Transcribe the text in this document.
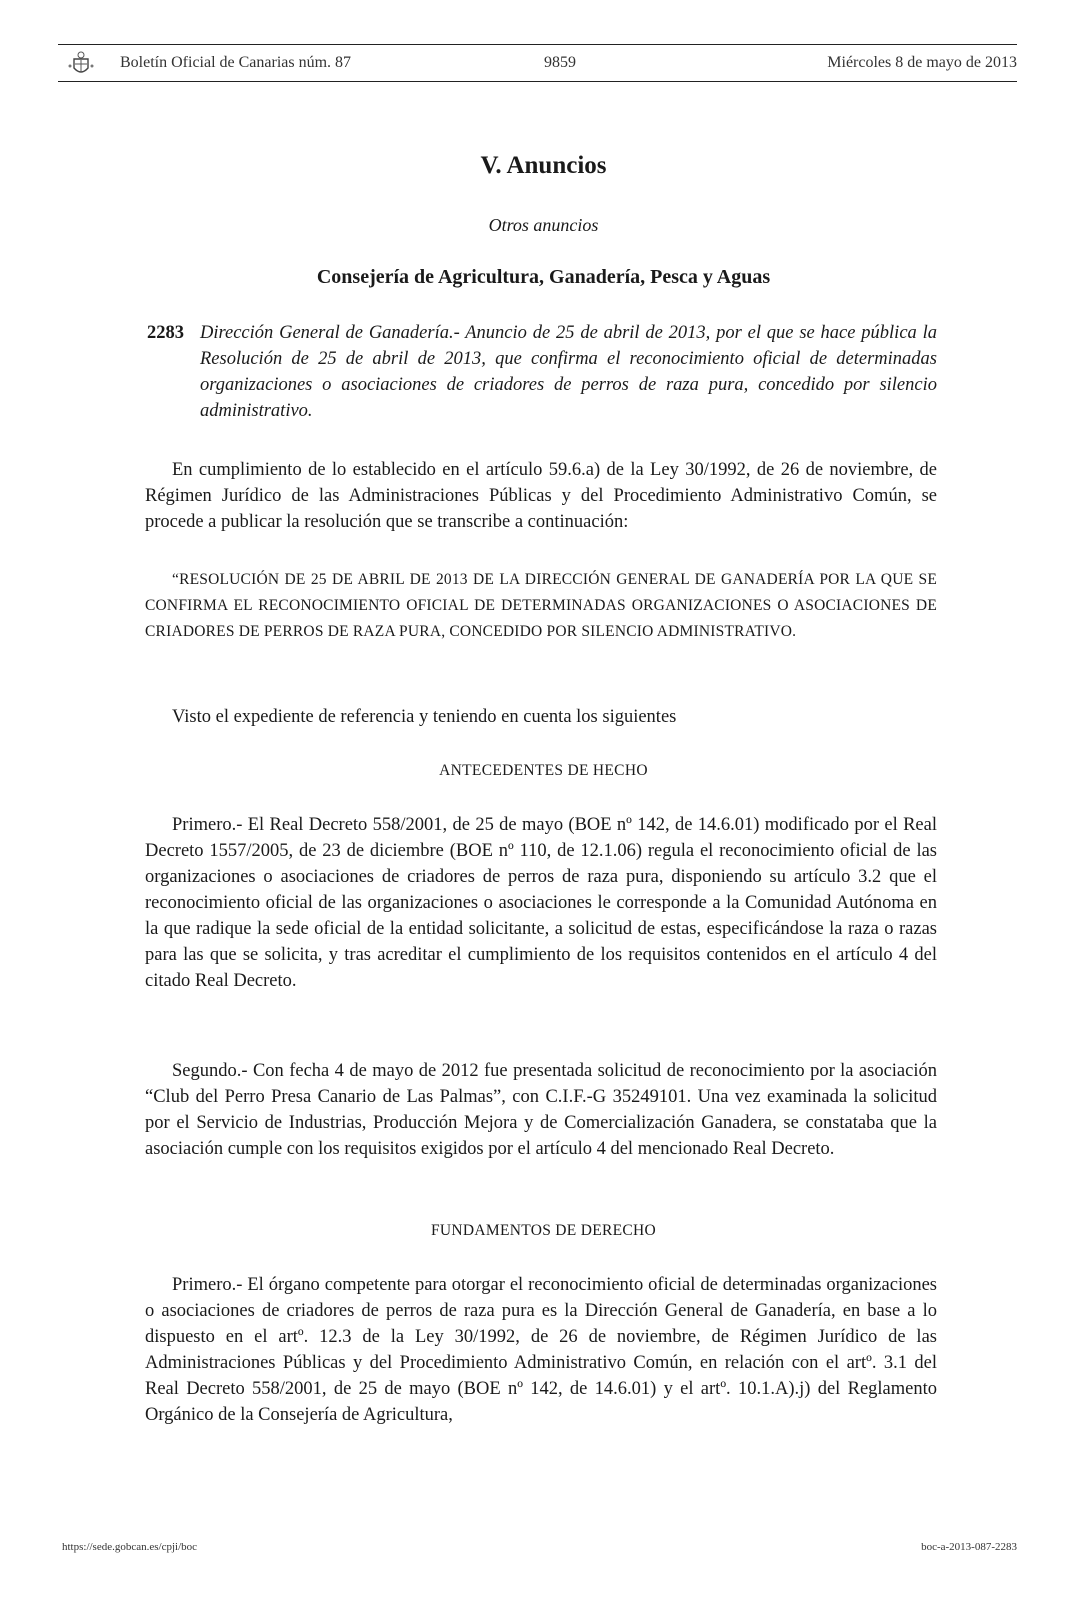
Boletín Oficial de Canarias núm. 87	9859	Miércoles 8 de mayo de 2013
V. Anuncios
Otros anuncios
Consejería de Agricultura, Ganadería, Pesca y Aguas
2283 Dirección General de Ganadería.- Anuncio de 25 de abril de 2013, por el que se hace pública la Resolución de 25 de abril de 2013, que confirma el reconocimiento oficial de determinadas organizaciones o asociaciones de criadores de perros de raza pura, concedido por silencio administrativo.
En cumplimiento de lo establecido en el artículo 59.6.a) de la Ley 30/1992, de 26 de noviembre, de Régimen Jurídico de las Administraciones Públicas y del Procedimiento Administrativo Común, se procede a publicar la resolución que se transcribe a continuación:
“RESOLUCIÓN DE 25 DE ABRIL DE 2013 DE LA DIRECCIÓN GENERAL DE GANADERÍA POR LA QUE SE CONFIRMA EL RECONOCIMIENTO OFICIAL DE DETERMINADAS ORGANIZACIONES O ASOCIACIONES DE CRIADORES DE PERROS DE RAZA PURA, CONCEDIDO POR SILENCIO ADMINISTRATIVO.
Visto el expediente de referencia y teniendo en cuenta los siguientes
ANTECEDENTES DE HECHO
Primero.- El Real Decreto 558/2001, de 25 de mayo (BOE nº 142, de 14.6.01) modificado por el Real Decreto 1557/2005, de 23 de diciembre (BOE nº 110, de 12.1.06) regula el reconocimiento oficial de las organizaciones o asociaciones de criadores de perros de raza pura, disponiendo su artículo 3.2 que el reconocimiento oficial de las organizaciones o asociaciones le corresponde a la Comunidad Autónoma en la que radique la sede oficial de la entidad solicitante, a solicitud de estas, especificándose la raza o razas para las que se solicita, y tras acreditar el cumplimiento de los requisitos contenidos en el artículo 4 del citado Real Decreto.
Segundo.- Con fecha 4 de mayo de 2012 fue presentada solicitud de reconocimiento por la asociación “Club del Perro Presa Canario de Las Palmas”, con C.I.F.-G 35249101. Una vez examinada la solicitud por el Servicio de Industrias, Producción Mejora y de Comercialización Ganadera, se constataba que la asociación cumple con los requisitos exigidos por el artículo 4 del mencionado Real Decreto.
FUNDAMENTOS DE DERECHO
Primero.- El órgano competente para otorgar el reconocimiento oficial de determinadas organizaciones o asociaciones de criadores de perros de raza pura es la Dirección General de Ganadería, en base a lo dispuesto en el artº. 12.3 de la Ley 30/1992, de 26 de noviembre, de Régimen Jurídico de las Administraciones Públicas y del Procedimiento Administrativo Común, en relación con el artº. 3.1 del Real Decreto 558/2001, de 25 de mayo (BOE nº 142, de 14.6.01) y el artº. 10.1.A).j) del Reglamento Orgánico de la Consejería de Agricultura,
https://sede.gobcan.es/cpji/boc	boc-a-2013-087-2283
